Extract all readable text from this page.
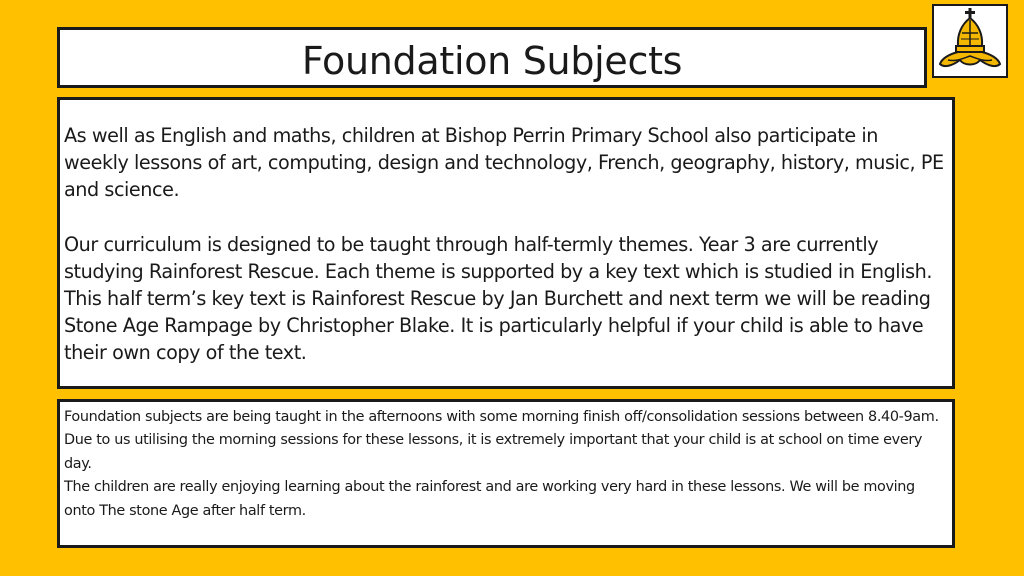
Foundation Subjects

As well as English and maths, children at Bishop Perrin Primary School also participate in weekly lessons of art, computing, design and technology, French, geography, history, music, PE and science.

Our curriculum is designed to be taught through half-termly themes. Year 3 are currently studying Rainforest Rescue. Each theme is supported by a key text which is studied in English. This half term’s key text is Rainforest Rescue by Jan Burchett and next term we will be reading Stone Age Rampage by Christopher Blake. It is particularly helpful if your child is able to have their own copy of the text.

Foundation subjects are being taught in the afternoons with some morning finish off/consolidation sessions between 8.40-9am. Due to us utilising the morning sessions for these lessons, it is extremely important that your child is at school on time every day.
The children are really enjoying learning about the rainforest and are working very hard in these lessons. We will be moving onto The stone Age after half term.
